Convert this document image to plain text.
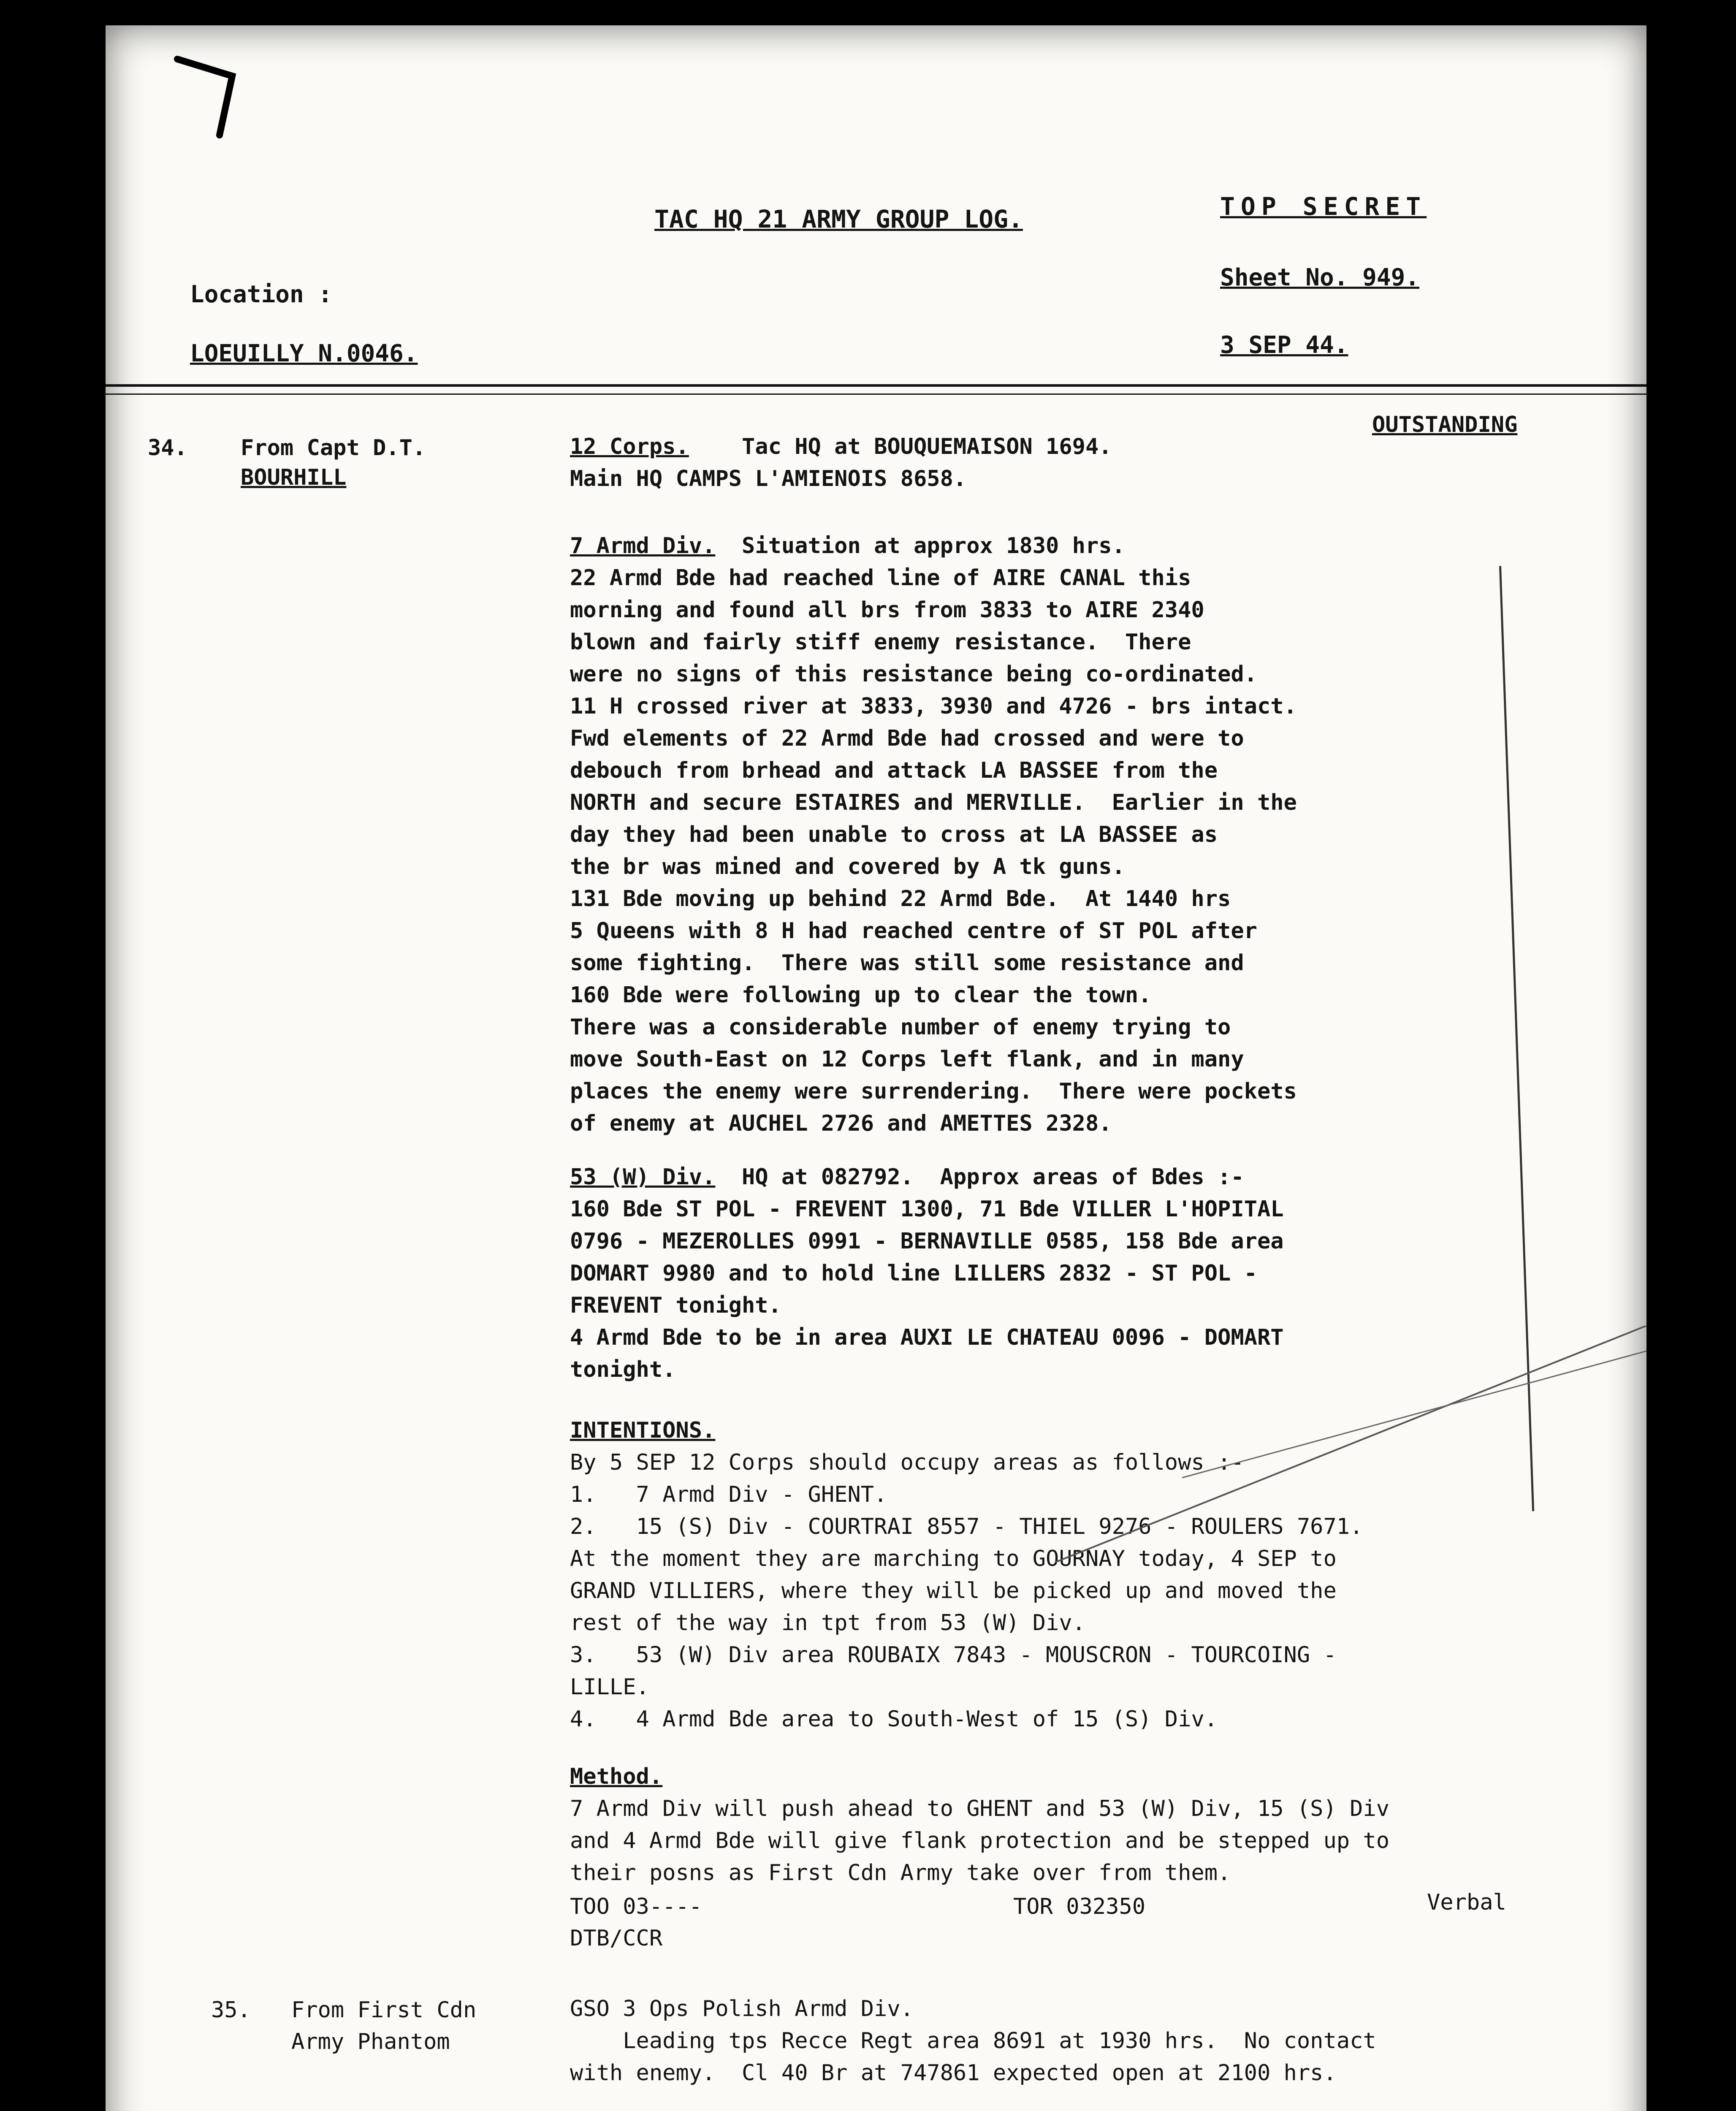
TAC HQ 21 ARMY GROUP LOG.	TOP SECRET
Location :
Sheet No. 949.
LOEUILLY N.0046.	3 SEP 44.
OUTSTANDING
34. From Capt D.T.
BOURHILL
12 Corps. Tac HQ at BOUQUEMAISON 1694.
Main HQ CAMPS L'AMIENOIS 8658.
7 Armd Div. Situation at approx 1830 hrs.
22 Armd Bde had reached line of AIRE CANAL this
morning and found all brs from 3833 to AIRE 2340
blown and fairly stiff enemy resistance.  There
were no signs of this resistance being co-ordinated.
11 H crossed river at 3833, 3930 and 4726 - brs intact.
Fwd elements of 22 Armd Bde had crossed and were to
debouch from brhead and attack LA BASSEE from the
NORTH and secure ESTAIRES and MERVILLE.  Earlier in the
day they had been unable to cross at LA BASSEE as
the br was mined and covered by A tk guns.
131 Bde moving up behind 22 Armd Bde.  At 1440 hrs
5 Queens with 8 H had reached centre of ST POL after
some fighting.  There was still some resistance and
160 Bde were following up to clear the town.
There was a considerable number of enemy trying to
move South-East on 12 Corps left flank, and in many
places the enemy were surrendering.  There were pockets
of enemy at AUCHEL 2726 and AMETTES 2328.
53 (W) Div. HQ at 082792.  Approx areas of Bdes :-
160 Bde ST POL - FREVENT 1300, 71 Bde VILLER L'HOPITAL
0796 - MEZEROLLES 0991 - BERNAVILLE 0585, 158 Bde area
DOMART 9980 and to hold line LILLERS 2832 - ST POL -
FREVENT tonight.
4 Armd Bde to be in area AUXI LE CHATEAU 0096 - DOMART
tonight.
INTENTIONS.
By 5 SEP 12 Corps should occupy areas as follows :-
1.   7 Armd Div - GHENT.
2.   15 (S) Div - COURTRAI 8557 - THIEL 9276 - ROULERS 7671.
At the moment they are marching to GOURNAY today, 4 SEP to
GRAND VILLIERS, where they will be picked up and moved the
rest of the way in tpt from 53 (W) Div.
3.   53 (W) Div area ROUBAIX 7843 - MOUSCRON - TOURCOING -
LILLE.
4.   4 Armd Bde area to South-West of 15 (S) Div.
Method.
7 Armd Div will push ahead to GHENT and 53 (W) Div, 15 (S) Div
and 4 Armd Bde will give flank protection and be stepped up to
their posns as First Cdn Army take over from them.
TOO 03----	TOR 032350	Verbal
DTB/CCR
35. From First Cdn
Army Phantom
GSO 3 Ops Polish Armd Div.
Leading tps Recce Regt area 8691 at 1930 hrs.  No contact
with enemy.  Cl 40 Br at 747861 expected open at 2100 hrs.
